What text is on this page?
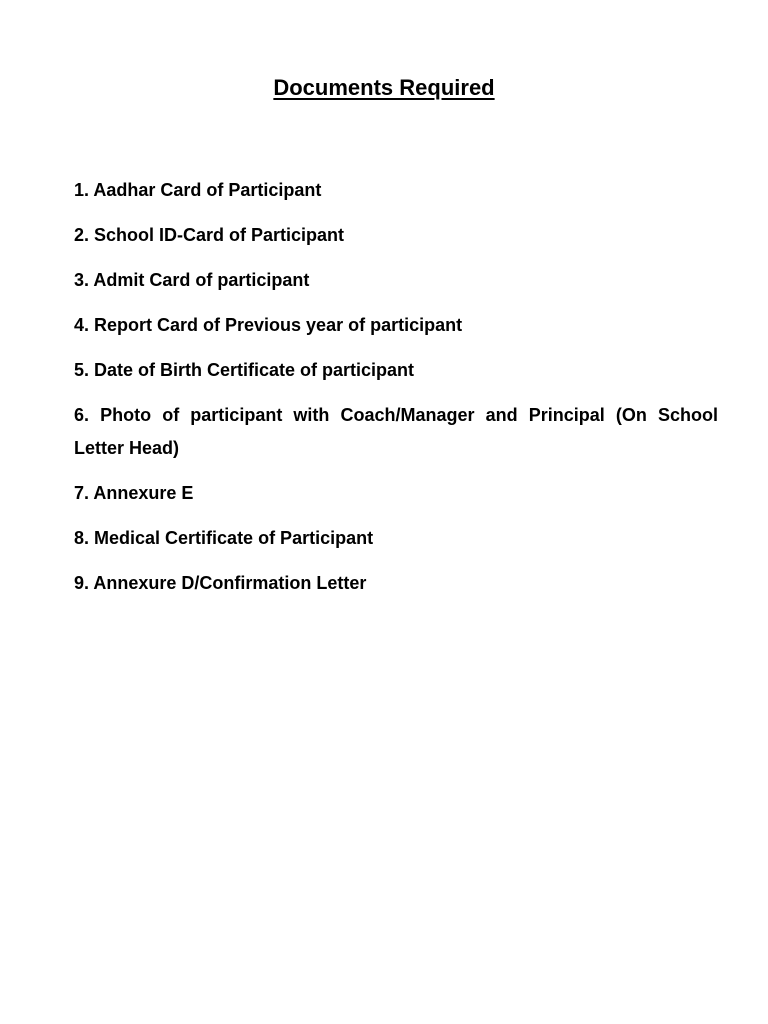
Documents Required
1. Aadhar Card of Participant
2. School ID-Card of Participant
3. Admit Card of participant
4. Report Card of Previous year of participant
5. Date of Birth Certificate of participant
6. Photo of participant with Coach/Manager and Principal (On School Letter Head)
7. Annexure E
8. Medical Certificate of Participant
9. Annexure D/Confirmation Letter
